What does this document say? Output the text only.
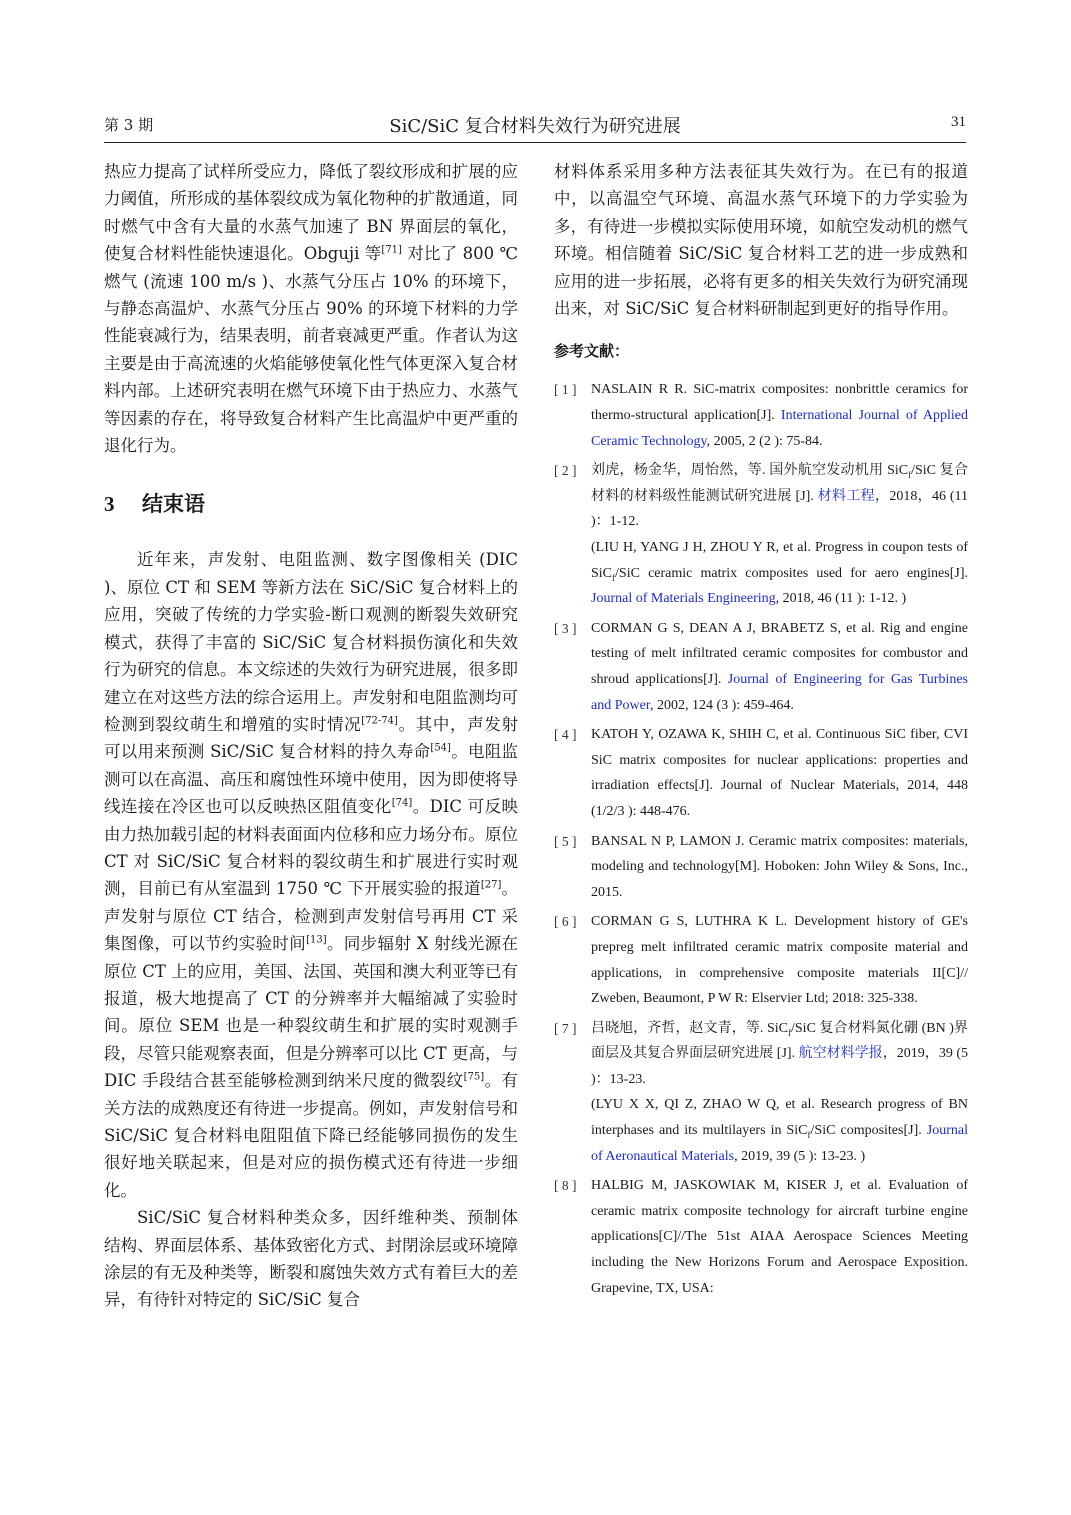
第 3 期	SiC/SiC 复合材料失效行为研究进展	31

热应力提高了试样所受应力，降低了裂纹形成和扩展的应力阈值，所形成的基体裂纹成为氧化物种的扩散通道，同时燃气中含有大量的水蒸气加速了 BN 界面层的氧化，使复合材料性能快速退化。Obguji 等[71] 对比了 800 ℃ 燃气 (流速 100 m/s )、水蒸气分压占 10% 的环境下，与静态高温炉、水蒸气分压占 90% 的环境下材料的力学性能衰减行为，结果表明，前者衰减更严重。作者认为这主要是由于高流速的火焰能够使氧化性气体更深入复合材料内部。上述研究表明在燃气环境下由于热应力、水蒸气等因素的存在，将导致复合材料产生比高温炉中更严重的退化行为。

3 结束语

近年来，声发射、电阻监测、数字图像相关 (DIC )、原位 CT 和 SEM 等新方法在 SiC/SiC 复合材料上的应用，突破了传统的力学实验-断口观测的断裂失效研究模式，获得了丰富的 SiC/SiC 复合材料损伤演化和失效行为研究的信息。本文综述的失效行为研究进展，很多即建立在对这些方法的综合运用上。声发射和电阻监测均可检测到裂纹萌生和增殖的实时情况[72-74]。其中，声发射可以用来预测 SiC/SiC 复合材料的持久寿命[54]。电阻监测可以在高温、高压和腐蚀性环境中使用，因为即使将导线连接在冷区也可以反映热区阻值变化[74]。DIC 可反映由力热加载引起的材料表面面内位移和应力场分布。原位 CT 对 SiC/SiC 复合材料的裂纹萌生和扩展进行实时观测，目前已有从室温到 1750 ℃ 下开展实验的报道[27]。声发射与原位 CT 结合，检测到声发射信号再用 CT 采集图像，可以节约实验时间[13]。同步辐射 X 射线光源在原位 CT 上的应用，美国、法国、英国和澳大利亚等已有报道，极大地提高了 CT 的分辨率并大幅缩减了实验时间。原位 SEM 也是一种裂纹萌生和扩展的实时观测手段，尽管只能观察表面，但是分辨率可以比 CT 更高，与 DIC 手段结合甚至能够检测到纳米尺度的微裂纹[75]。有关方法的成熟度还有待进一步提高。例如，声发射信号和 SiC/SiC 复合材料电阻阻值下降已经能够同损伤的发生很好地关联起来，但是对应的损伤模式还有待进一步细化。

SiC/SiC 复合材料种类众多，因纤维种类、预制体结构、界面层体系、基体致密化方式、封閉涂层或环境障涂层的有无及种类等，断裂和腐蚀失效方式有着巨大的差异，有待针对特定的 SiC/SiC 复合

材料体系采用多种方法表征其失效行为。在已有的报道中，以高温空气环境、高温水蒸气环境下的力学实验为多，有待进一步模拟实际使用环境，如航空发动机的燃气环境。相信随着 SiC/SiC 复合材料工艺的进一步成熟和应用的进一步拓展，必将有更多的相关失效行为研究涌现出来，对 SiC/SiC 复合材料研制起到更好的指导作用。

参考文献：
[ 1 ]	NASLAIN R R. SiC-matrix composites: nonbrittle ceramics for thermo-structural application[J]. International Journal of Applied Ceramic Technology, 2005, 2 (2 ): 75-84.
[ 2 ]	刘虎，杨金华，周怡然，等. 国外航空发动机用 SiC$_f$/SiC 复合材料的材料级性能测试研究进展 [J]. 材料工程，2018，46 (11 )：1-12.
(LIU H, YANG J H, ZHOU Y R, et al. Progress in coupon tests of SiC$_f$/SiC ceramic matrix composites used for aero engines[J]. Journal of Materials Engineering, 2018, 46 (11 ): 1-12. )
[ 3 ]	CORMAN G S, DEAN A J, BRABETZ S, et al. Rig and engine testing of melt infiltrated ceramic composites for combustor and shroud applications[J]. Journal of Engineering for Gas Turbines and Power, 2002, 124 (3 ): 459-464.
[ 4 ]	KATOH Y, OZAWA K, SHIH C, et al. Continuous SiC fiber, CVI SiC matrix composites for nuclear applications: properties and irradiation effects[J]. Journal of Nuclear Materials, 2014, 448 (1/2/3 ): 448-476.
[ 5 ]	BANSAL N P, LAMON J. Ceramic matrix composites: materials, modeling and technology[M]. Hoboken: John Wiley & Sons, Inc., 2015.
[ 6 ]	CORMAN G S, LUTHRA K L. Development history of GE's prepreg melt infiltrated ceramic matrix composite material and applications, in comprehensive composite materials II[C]// Zweben, Beaumont, P W R: Elservier Ltd; 2018: 325-338.
[ 7 ]	吕晓旭，齐哲，赵文青，等. SiC$_f$/SiC 复合材料氮化硼 (BN )界面层及其复合界面层研究进展 [J]. 航空材料学报，2019，39 (5 )：13-23.
(LYU X X, QI Z, ZHAO W Q, et al. Research progress of BN interphases and its multilayers in SiC$_f$/SiC composites[J]. Journal of Aeronautical Materials, 2019, 39 (5 ): 13-23. )
[ 8 ]	HALBIG M, JASKOWIAK M, KISER J, et al. Evaluation of ceramic matrix composite technology for aircraft turbine engine applications[C]//The 51st AIAA Aerospace Sciences Meeting including the New Horizons Forum and Aerospace Exposition. Grapevine, TX, USA:
